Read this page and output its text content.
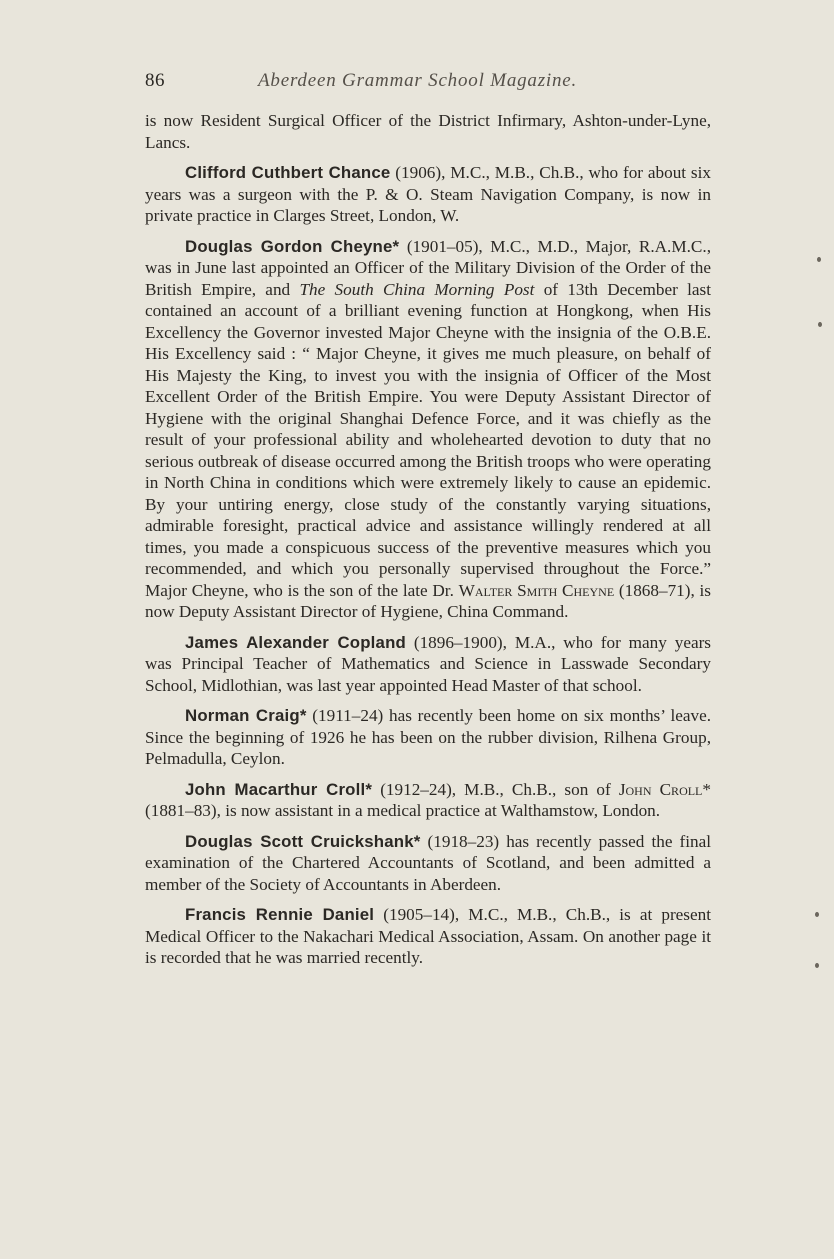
86	Aberdeen Grammar School Magazine.

is now Resident Surgical Officer of the District Infirmary, Ashton-under-Lyne, Lancs.

Clifford Cuthbert Chance (1906), M.C., M.B., Ch.B., who for about six years was a surgeon with the P. & O. Steam Navigation Company, is now in private practice in Clarges Street, London, W.

Douglas Gordon Cheyne* (1901–05), M.C., M.D., Major, R.A.M.C., was in June last appointed an Officer of the Military Division of the Order of the British Empire, and The South China Morning Post of 13th December last contained an account of a brilliant evening function at Hongkong, when His Excellency the Governor invested Major Cheyne with the insignia of the O.B.E. His Excellency said : “ Major Cheyne, it gives me much pleasure, on behalf of His Majesty the King, to invest you with the insignia of Officer of the Most Excellent Order of the British Empire. You were Deputy Assistant Director of Hygiene with the original Shanghai Defence Force, and it was chiefly as the result of your professional ability and wholehearted devotion to duty that no serious outbreak of disease occurred among the British troops who were operating in North China in conditions which were extremely likely to cause an epidemic. By your untiring energy, close study of the constantly varying situations, admirable foresight, practical advice and assistance willingly rendered at all times, you made a conspicuous success of the preventive measures which you recommended, and which you personally supervised throughout the Force.” Major Cheyne, who is the son of the late Dr. Walter Smith Cheyne (1868–71), is now Deputy Assistant Director of Hygiene, China Command.

James Alexander Copland (1896–1900), M.A., who for many years was Principal Teacher of Mathematics and Science in Lasswade Secondary School, Midlothian, was last year appointed Head Master of that school.

Norman Craig* (1911–24) has recently been home on six months’ leave. Since the beginning of 1926 he has been on the rubber division, Rilhena Group, Pelmadulla, Ceylon.

John Macarthur Croll* (1912–24), M.B., Ch.B., son of John Croll* (1881–83), is now assistant in a medical practice at Walthamstow, London.

Douglas Scott Cruickshank* (1918–23) has recently passed the final examination of the Chartered Accountants of Scotland, and been admitted a member of the Society of Accountants in Aberdeen.

Francis Rennie Daniel (1905–14), M.C., M.B., Ch.B., is at present Medical Officer to the Nakachari Medical Association, Assam. On another page it is recorded that he was married recently.
